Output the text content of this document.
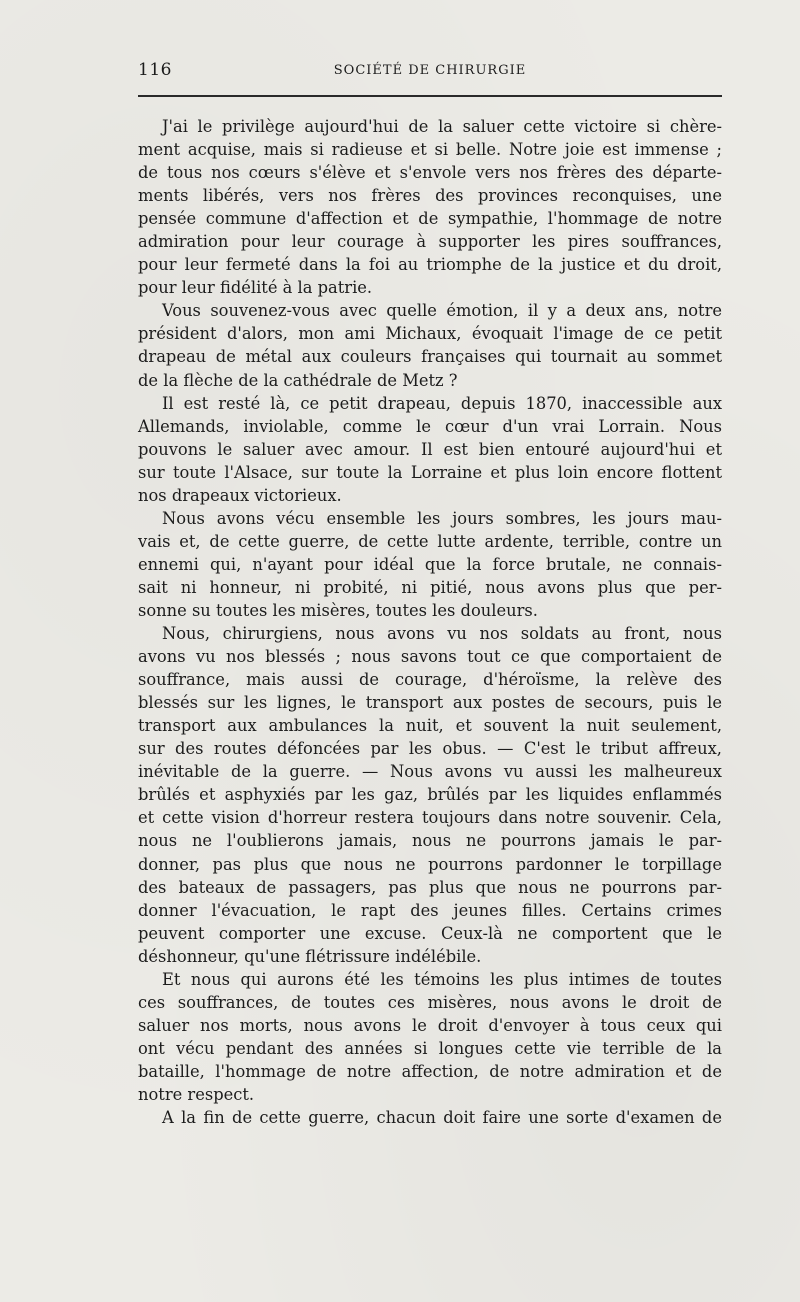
116	SOCIÉTÉ DE CHIRURGIE
J'ai le privilège aujourd'hui de la saluer cette victoire si chère-
ment acquise, mais si radieuse et si belle. Notre joie est immense ;
de tous nos cœurs s'élève et s'envole vers nos frères des départe-
ments libérés, vers nos frères des provinces reconquises, une
pensée commune d'affection et de sympathie, l'hommage de notre
admiration pour leur courage à supporter les pires souffrances,
pour leur fermeté dans la foi au triomphe de la justice et du droit,
pour leur fidélité à la patrie.
Vous souvenez-vous avec quelle émotion, il y a deux ans, notre
président d'alors, mon ami Michaux, évoquait l'image de ce petit
drapeau de métal aux couleurs françaises qui tournait au sommet
de la flèche de la cathédrale de Metz ?
Il est resté là, ce petit drapeau, depuis 1870, inaccessible aux
Allemands, inviolable, comme le cœur d'un vrai Lorrain. Nous
pouvons le saluer avec amour. Il est bien entouré aujourd'hui et
sur toute l'Alsace, sur toute la Lorraine et plus loin encore flottent
nos drapeaux victorieux.
Nous avons vécu ensemble les jours sombres, les jours mau-
vais et, de cette guerre, de cette lutte ardente, terrible, contre un
ennemi qui, n'ayant pour idéal que la force brutale, ne connais-
sait ni honneur, ni probité, ni pitié, nous avons plus que per-
sonne su toutes les misères, toutes les douleurs.
Nous, chirurgiens, nous avons vu nos soldats au front, nous
avons vu nos blessés ; nous savons tout ce que comportaient de
souffrance, mais aussi de courage, d'héroïsme, la relève des
blessés sur les lignes, le transport aux postes de secours, puis le
transport aux ambulances la nuit, et souvent la nuit seulement,
sur des routes défoncées par les obus. — C'est le tribut affreux,
inévitable de la guerre. — Nous avons vu aussi les malheureux
brûlés et asphyxiés par les gaz, brûlés par les liquides enflammés
et cette vision d'horreur restera toujours dans notre souvenir. Cela,
nous ne l'oublierons jamais, nous ne pourrons jamais le par-
donner, pas plus que nous ne pourrons pardonner le torpillage
des bateaux de passagers, pas plus que nous ne pourrons par-
donner l'évacuation, le rapt des jeunes filles. Certains crimes
peuvent comporter une excuse. Ceux-là ne comportent que le
déshonneur, qu'une flétrissure indélébile.
Et nous qui aurons été les témoins les plus intimes de toutes
ces souffrances, de toutes ces misères, nous avons le droit de
saluer nos morts, nous avons le droit d'envoyer à tous ceux qui
ont vécu pendant des années si longues cette vie terrible de la
bataille, l'hommage de notre affection, de notre admiration et de
notre respect.
A la fin de cette guerre, chacun doit faire une sorte d'examen de
